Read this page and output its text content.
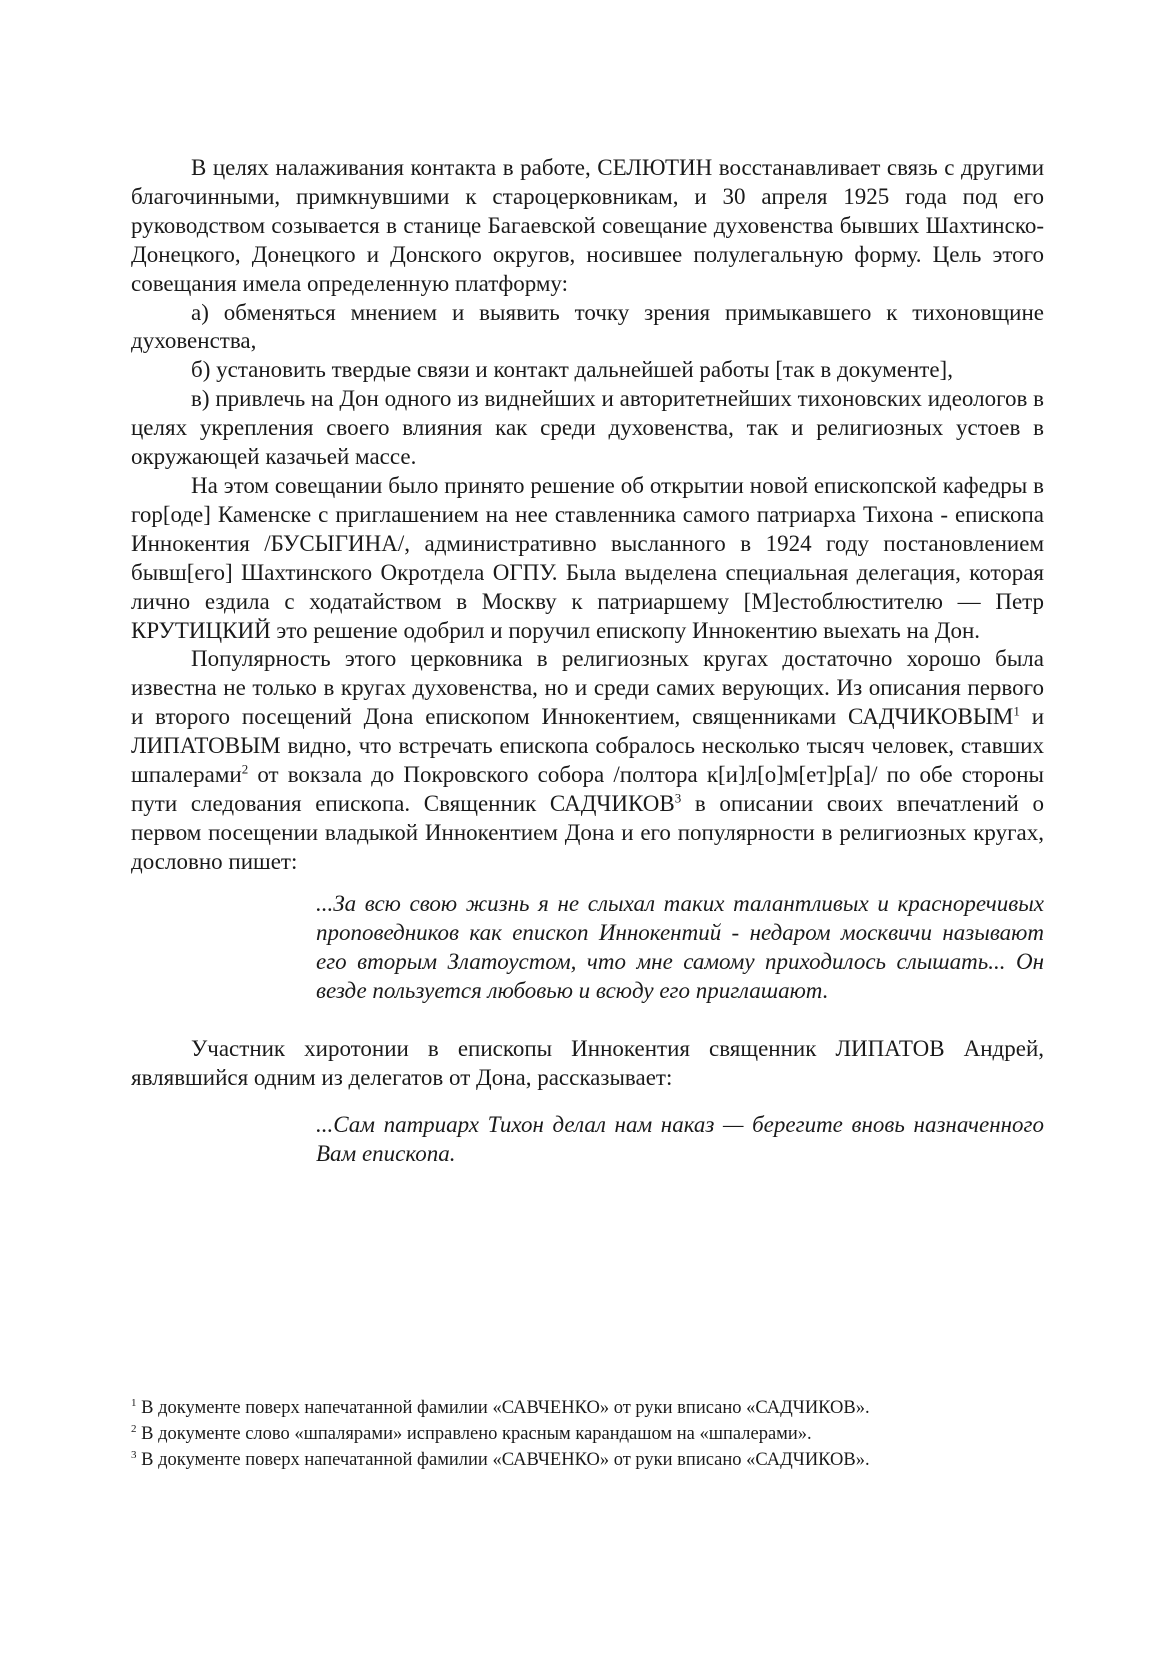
В целях налаживания контакта в работе, СЕЛЮТИН восстанавливает связь с другими благочинными, примкнувшими к староцерковникам, и 30 апреля 1925 года под его руководством созывается в станице Багаевской совещание духовенства бывших Шахтинско-Донецкого, Донецкого и Донского округов, носившее полулегальную форму. Цель этого совещания имела определенную платформу:

а) обменяться мнением и выявить точку зрения примыкавшего к тихоновщине духовенства,

б) установить твердые связи и контакт дальнейшей работы [так в документе],

в) привлечь на Дон одного из виднейших и авторитетнейших тихоновских идеологов в целях укрепления своего влияния как среди духовенства, так и религиозных устоев в окружающей казачьей массе.

На этом совещании было принято решение об открытии новой епископской кафедры в гор[оде] Каменске с приглашением на нее ставленника самого патриарха Тихона - епископа Иннокентия /БУСЫГИНА/, административно высланного в 1924 году постановлением бывш[его] Шахтинского Окротдела ОГПУ. Была выделена специальная делегация, которая лично ездила с ходатайством в Москву к патриаршему [М]естоблюстителю — Петр КРУТИЦКИЙ это решение одобрил и поручил епископу Иннокентию выехать на Дон.

Популярность этого церковника в религиозных кругах достаточно хорошо была известна не только в кругах духовенства, но и среди самих верующих. Из описания первого и второго посещений Дона епископом Иннокентием, священниками САДЧИКОВЫМ$^1$ и ЛИПАТОВЫМ видно, что встречать епископа собралось несколько тысяч человек, ставших шпалерами$^2$ от вокзала до Покровского собора /полтора к[и]л[о]м[ет]р[а]/ по обе стороны пути следования епископа. Священник САДЧИКОВ$^3$ в описании своих впечатлений о первом посещении владыкой Иннокентием Дона и его популярности в религиозных кругах, дословно пишет:

...За всю свою жизнь я не слыхал таких талантливых и красноречивых проповедников как епископ Иннокентий - недаром москвичи называют его вторым Златоустом, что мне самому приходилось слышать... Он везде пользуется любовью и всюду его приглашают.

Участник хиротонии в епископы Иннокентия священник ЛИПАТОВ Андрей, являвшийся одним из делегатов от Дона, рассказывает:

...Сам патриарх Тихон делал нам наказ — берегите вновь назначенного Вам епископа.

$^1$ В документе поверх напечатанной фамилии «САВЧЕНКО» от руки вписано «САДЧИКОВ».

$^2$ В документе слово «шпалярами» исправлено красным карандашом на «шпалерами».

$^3$ В документе поверх напечатанной фамилии «САВЧЕНКО» от руки вписано «САДЧИКОВ».
